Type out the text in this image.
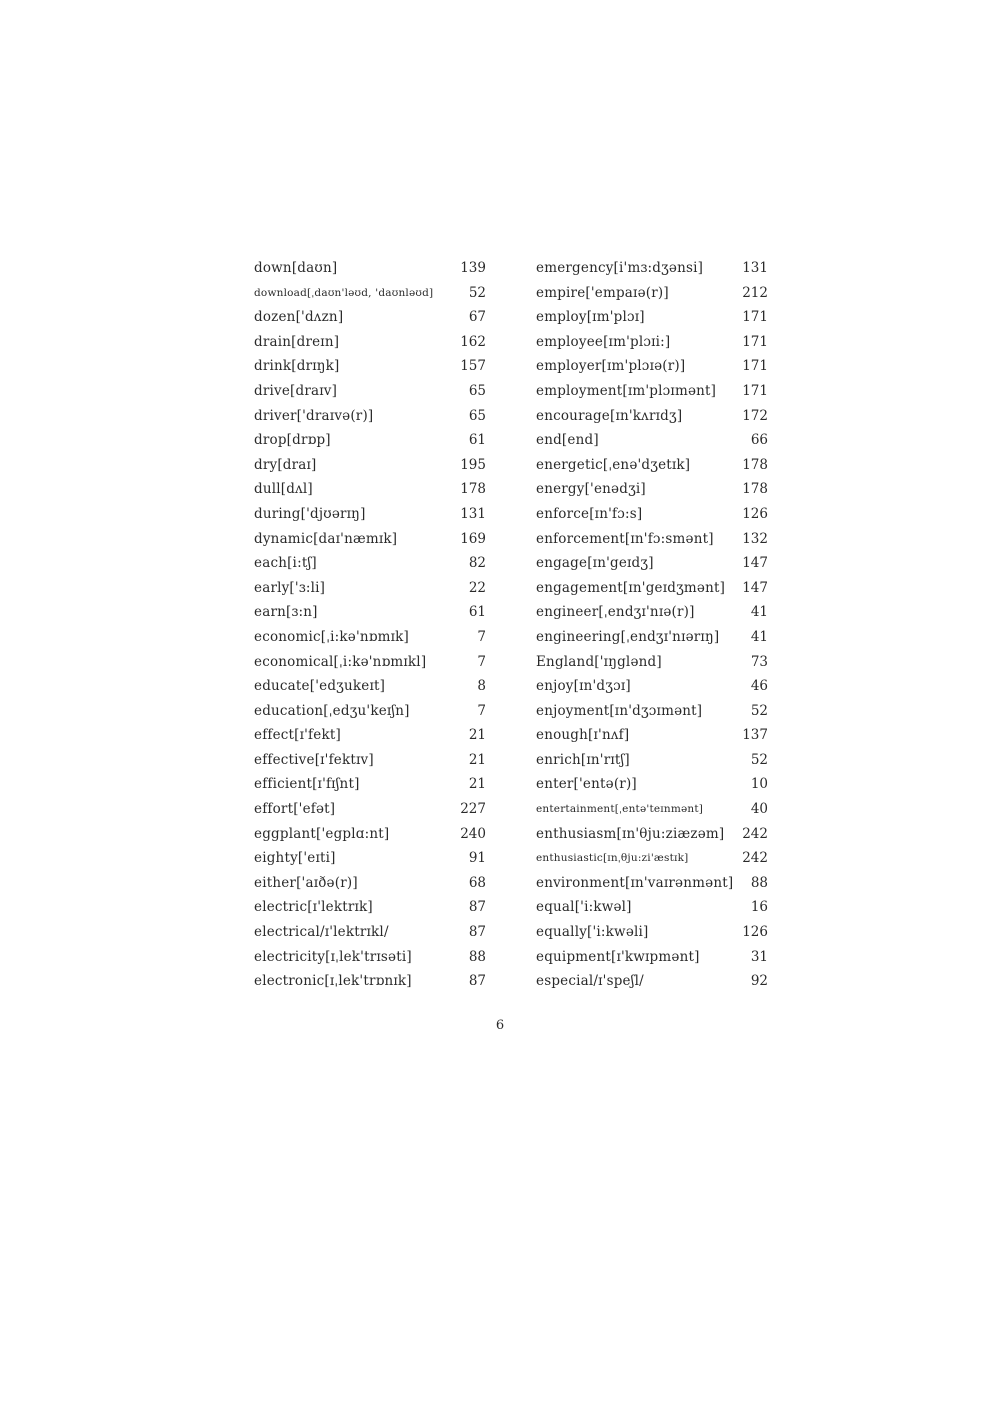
down[daʊn]	139
download[ˌdaʊn'ləʊd, 'daʊnləʊd]	52
dozen['dʌzn]	67
drain[dreɪn]	162
drink[drɪŋk]	157
drive[draɪv]	65
driver['draɪvə(r)]	65
drop[drɒp]	61
dry[draɪ]	195
dull[dʌl]	178
during['djʊərɪŋ]	131
dynamic[daɪ'næmɪk]	169
each[i:tʃ]	82
early['ɜ:li]	22
earn[ɜ:n]	61
economic[ˌi:kə'nɒmɪk]	7
economical[ˌi:kə'nɒmɪkl]	7
educate['edʒukeɪt]	8
education[ˌedʒu'keɪʃn]	7
effect[ɪ'fekt]	21
effective[ɪ'fektɪv]	21
efficient[ɪ'fɪʃnt]	21
effort['efət]	227
eggplant['egplɑ:nt]	240
eighty['eɪti]	91
either['aɪðə(r)]	68
electric[ɪ'lektrɪk]	87
electrical/ɪ'lektrɪkl/	87
electricity[ɪˌlek'trɪsəti]	88
electronic[ɪˌlek'trɒnɪk]	87
emergency[i'mɜ:dʒənsi]	131
empire['empaɪə(r)]	212
employ[ɪm'plɔɪ]	171
employee[ɪm'plɔɪi:]	171
employer[ɪm'plɔɪə(r)]	171
employment[ɪm'plɔɪmənt] 171
encourage[ɪn'kʌrɪdʒ]	172
end[end]	66
energetic[ˌenə'dʒetɪk]	178
energy['enədʒi]	178
enforce[ɪn'fɔ:s]	126
enforcement[ɪn'fɔ:smənt] 132
engage[ɪn'geɪdʒ]	147
engagement[ɪn'geɪdʒmənt] 147
engineer[ˌendʒɪ'nɪə(r)]	41
engineering[ˌendʒɪ'nɪərɪŋ] 41
England['ɪŋglənd]	73
enjoy[ɪn'dʒɔɪ]	46
enjoyment[ɪn'dʒɔɪmənt]	52
enough[ɪ'nʌf]	137
enrich[ɪn'rɪtʃ]	52
enter['entə(r)]	10
entertainment[ˌentə'teɪnmənt]	40
enthusiasm[ɪn'θju:ziæzəm] 242
enthusiastic[ɪnˌθju:zi'æstɪk]	242
environment[ɪn'vaɪrənmənt] 88
equal['i:kwəl]	16
equally['i:kwəli]	126
equipment[ɪ'kwɪpmənt]	31
especial/ɪ'speʃl/	92
6
